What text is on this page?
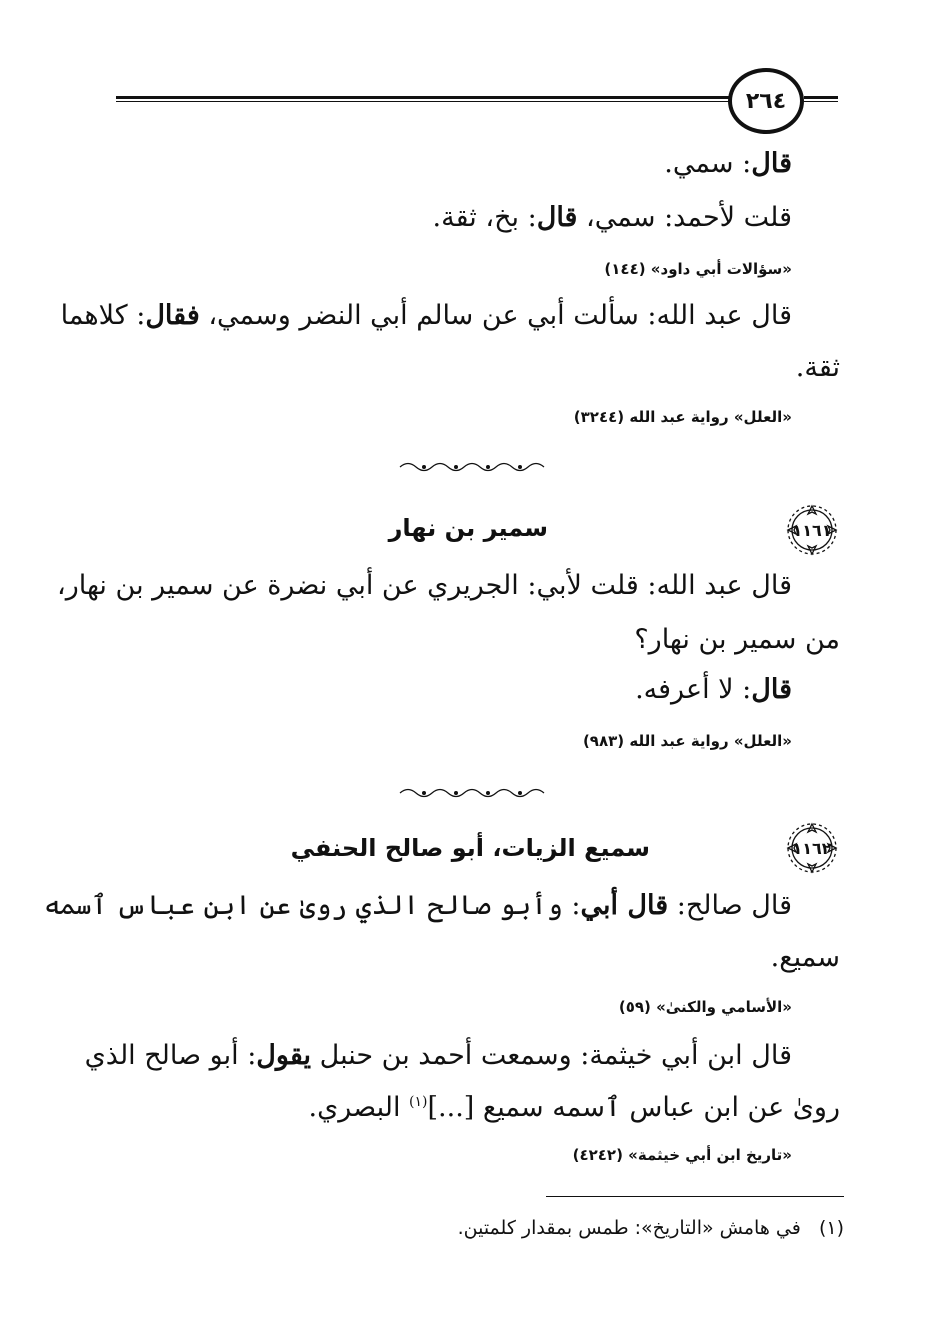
٢٦٤
قال: سمي.
قلت لأحمد: سمي، قال: بخ، ثقة.
«سؤالات أبي داود» (١٤٤)
قال عبد الله: سألت أبي عن سالم أبي النضر وسمي، فقال: كلاهما
ثقة.
«العلل» رواية عبد الله (٣٢٤٤)
١١٦١
سمير بن نهار
قال عبد الله: قلت لأبي: الجريري عن أبي نضرة عن سمير بن نهار،
من سمير بن نهار؟
قال: لا أعرفه.
«العلل» رواية عبد الله (٩٨٣)
١١٦٢
سميع الزيات، أبو صالح الحنفي
قال صالح: قال أبي: وأبو صالح الذي روىٰ عن ابن عباس ٱسمه
سميع.
«الأسامي والكنىٰ» (٥٩)
قال ابن أبي خيثمة: وسمعت أحمد بن حنبل يقول: أبو صالح الذي
روىٰ عن ابن عباس ٱسمه سميع [...]$^{(١)}$ البصري.
«تاريخ ابن أبي خيثمة» (٤٢٤٢)
(١)   في هامش «التاريخ»: طمس بمقدار كلمتين.
